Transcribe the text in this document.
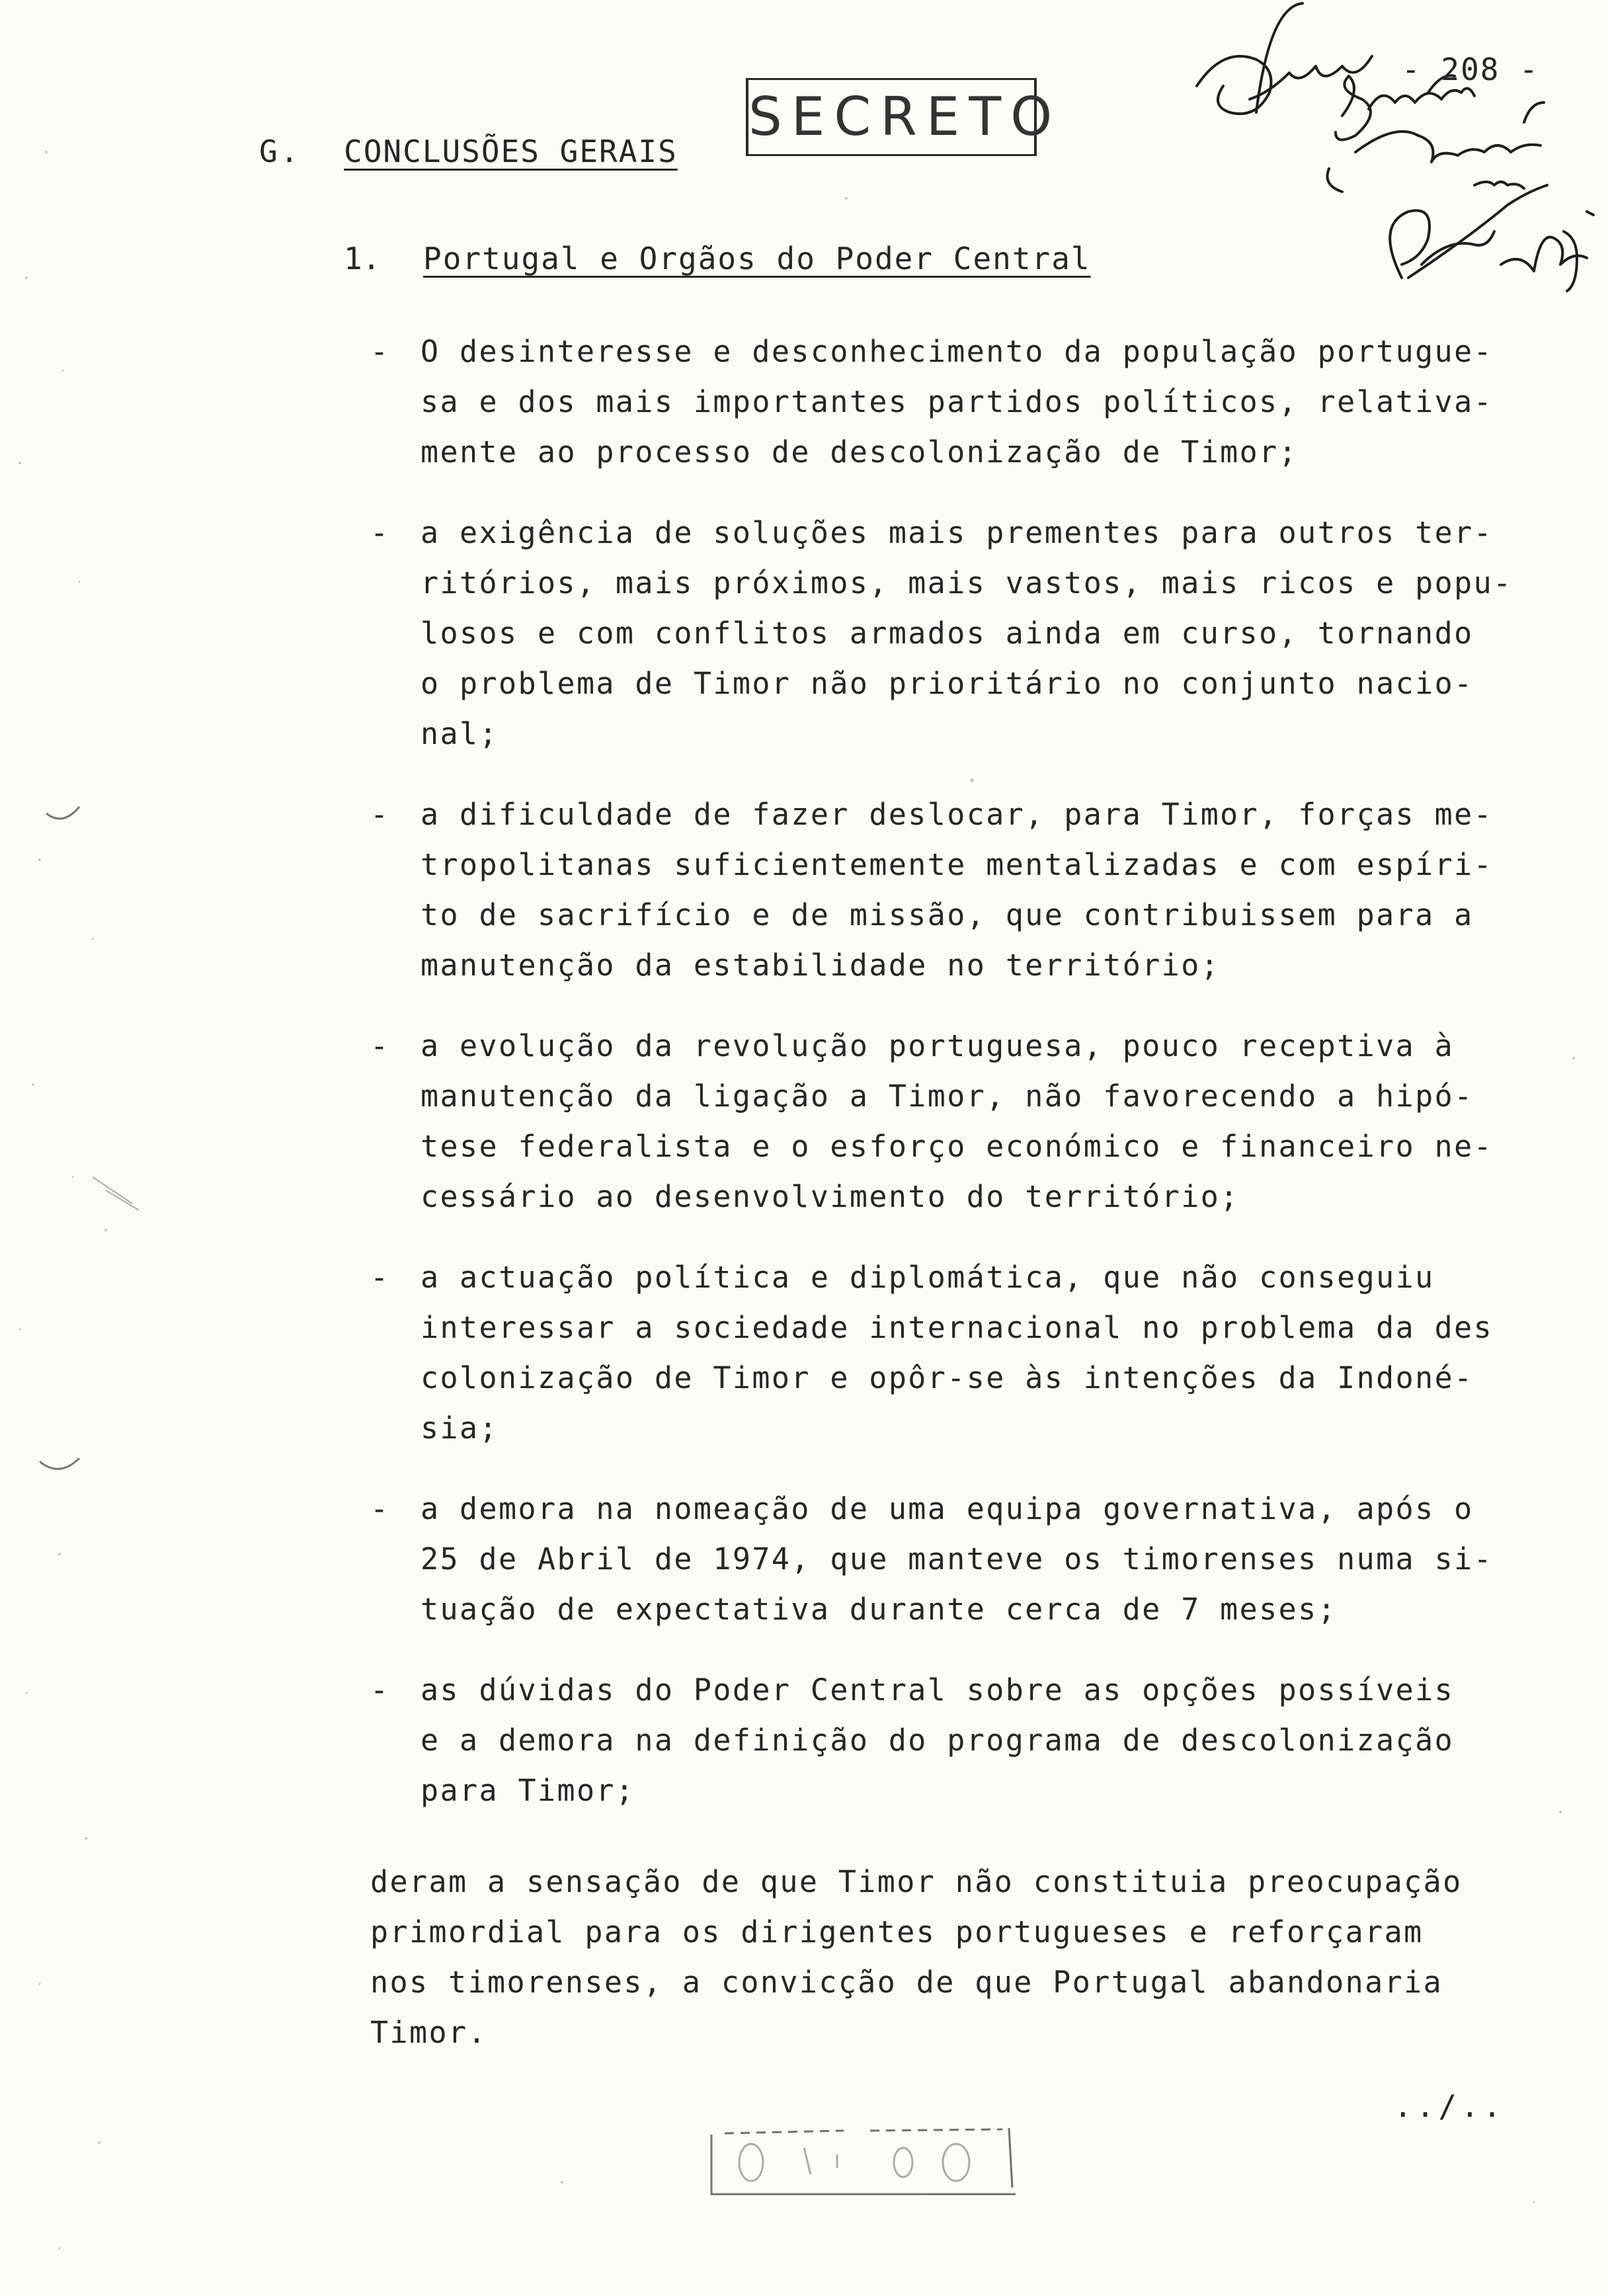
- 208 -
SECRETO
G. CONCLUSÕES GERAIS
1. Portugal e Orgãos do Poder Central
- O desinteresse e desconhecimento da população portugue-
sa e dos mais importantes partidos políticos, relativa-
mente ao processo de descolonização de Timor;
- a exigência de soluções mais prementes para outros ter-
ritórios, mais próximos, mais vastos, mais ricos e popu-
losos e com conflitos armados ainda em curso, tornando
o problema de Timor não prioritário no conjunto nacio-
nal;
- a dificuldade de fazer deslocar, para Timor, forças me-
tropolitanas suficientemente mentalizadas e com espíri-
to de sacrifício e de missão, que contribuissem para a
manutenção da estabilidade no território;
- a evolução da revolução portuguesa, pouco receptiva à
manutenção da ligação a Timor, não favorecendo a hipó-
tese federalista e o esforço económico e financeiro ne-
cessário ao desenvolvimento do território;
- a actuação política e diplomática, que não conseguiu
interessar a sociedade internacional no problema da des
colonização de Timor e opôr-se às intenções da Indoné-
sia;
- a demora na nomeação de uma equipa governativa, após o
25 de Abril de 1974, que manteve os timorenses numa si-
tuação de expectativa durante cerca de 7 meses;
- as dúvidas do Poder Central sobre as opções possíveis
e a demora na definição do programa de descolonização
para Timor;
deram a sensação de que Timor não constituia preocupação
primordial para os dirigentes portugueses e reforçaram
nos timorenses, a convicção de que Portugal abandonaria
Timor.
../..
